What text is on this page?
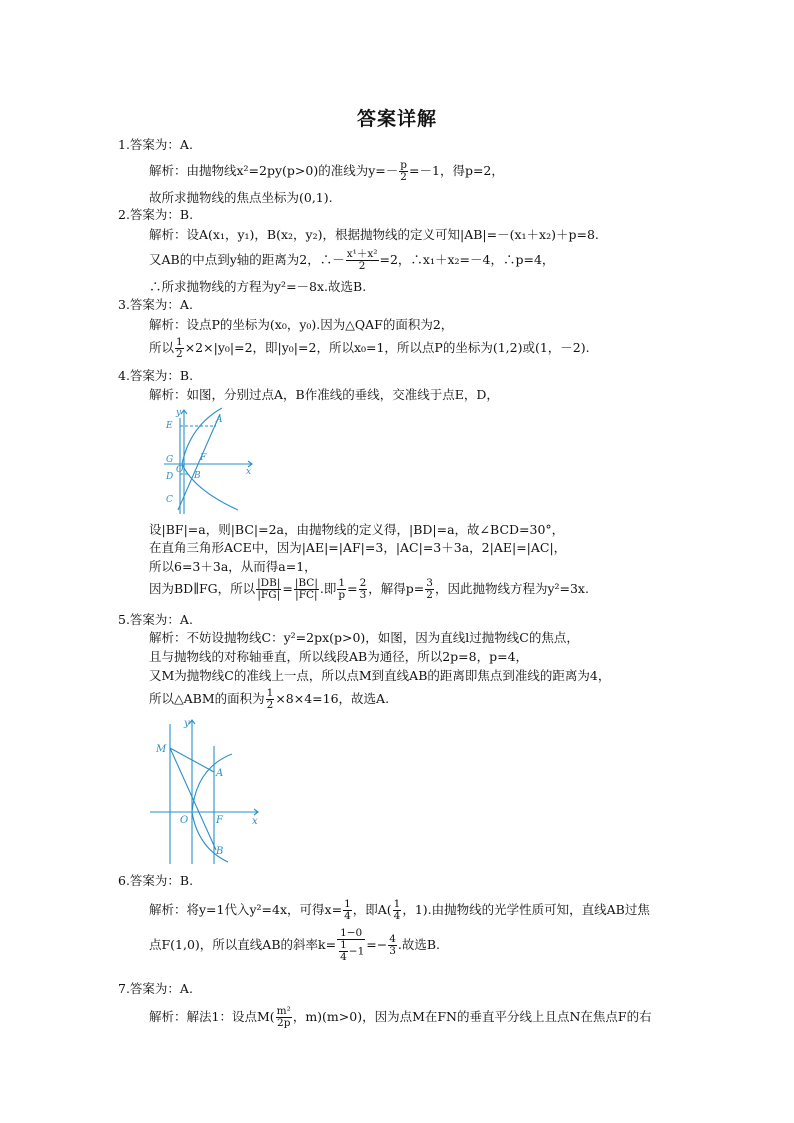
答案详解
1.答案为：A.
解析：由抛物线x²=2py(p>0)的准线为$y=- \frac{p}{2} =-1$，得p=2，
故所求抛物线的焦点坐标为(0,1).
2.答案为：B.
解析：设A(x₁，y₁)，B(x₂，y₂)，根据抛物线的定义可知|AB|=－(x₁＋x₂)＋p=8.
又AB的中点到y轴的距离为2，∴－ $\frac{\text{x¹＋x²}}{2} =2$，∴x₁＋x₂=－4，∴p=4，
∴所求抛物线的方程为y²=－8x.故选B.
3.答案为：A.
解析：设点P的坐标为(x₀，y₀).因为△QAF的面积为2，
所以 $\frac{1}{2} \times 2\times|y_0|=2$，即|y₀|=2，所以x₀=1，所以点P的坐标为(1,2)或(1，－2).
4.答案为：B.
解析：如图，分别过点A，B作准线的垂线，交准线于点E，D，
y
E
A
G
O
F
D B
C
x
设|BF|=a，则|BC|=2a，由抛物线的定义得，|BD|=a，故∠BCD=30°，
在直角三角形ACE中，因为|AE|=|AF|=3，|AC|=3＋3a，2|AE|=|AC|，
所以6=3＋3a，从而得a=1，
因为BD∥FG，所以 $\frac{|DB|}{|FG|} = \frac{|BC|}{|FC|}$ .即 $\frac{1}{p} = \frac{2}{3}$ ，解得$p= \frac{3}{2}$ ，因此抛物线方程为y²=3x.
5.答案为：A.
解析：不妨设抛物线C：y²=2px(p>0)，如图，因为直线l过抛物线C的焦点，
且与抛物线的对称轴垂直，所以线段AB为通径，所以2p=8，p=4，
又M为抛物线C的准线上一点，所以点M到直线AB的距离即焦点到准线的距离为4，
所以△ABM的面积为 $\frac{1}{2} \times 8\times 4=16$，故选A.
y
M
A
O	F
B
x
6.答案为：B.
解析：将y=1代入y²=4x，可得$x= \frac{1}{4}$ ，即$A( \frac{1}{4}$ ，1).由抛物线的光学性质可知，直线AB过焦
点F(1,0)，所以直线AB的斜率$k= \frac{1-0}{\frac{1}{4} -1} =- \frac{4}{3}$ .故选B.
7.答案为：A.
解析：解法1：设点$M( \frac{\text{m²}}{2p}$ ，m)(m>0)，因为点M在FN的垂直平分线上且点N在焦点F的右
